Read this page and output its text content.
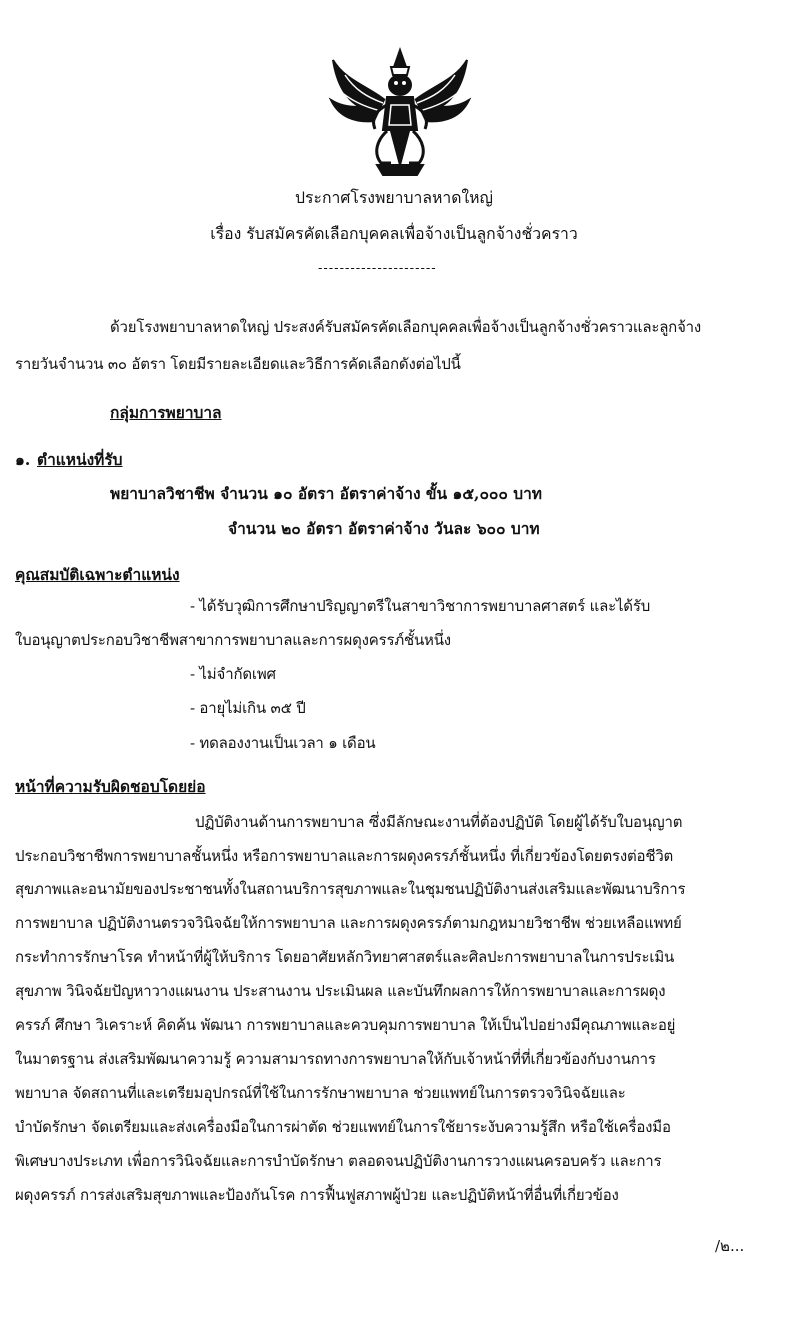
ประกาศโรงพยาบาลหาดใหญ่
เรื่อง รับสมัครคัดเลือกบุคคลเพื่อจ้างเป็นลูกจ้างชั่วคราว
----------------------
ด้วยโรงพยาบาลหาดใหญ่ ประสงค์รับสมัครคัดเลือกบุคคลเพื่อจ้างเป็นลูกจ้างชั่วคราวและลูกจ้าง
รายวันจำนวน ๓๐ อัตรา โดยมีรายละเอียดและวิธีการคัดเลือกดังต่อไปนี้
กลุ่มการพยาบาล
๑. ตำแหน่งที่รับ
พยาบาลวิชาชีพ จำนวน ๑๐ อัตรา อัตราค่าจ้าง ขั้น ๑๕,๐๐๐ บาท
จำนวน ๒๐ อัตรา อัตราค่าจ้าง วันละ ๖๐๐ บาท
คุณสมบัติเฉพาะตำแหน่ง
- ได้รับวุฒิการศึกษาปริญญาตรีในสาขาวิชาการพยาบาลศาสตร์ และได้รับ
ใบอนุญาตประกอบวิชาชีพสาขาการพยาบาลและการผดุงครรภ์ชั้นหนึ่ง
- ไม่จำกัดเพศ
- อายุไม่เกิน ๓๕ ปี
- ทดลองงานเป็นเวลา ๑ เดือน
หน้าที่ความรับผิดชอบโดยย่อ
ปฏิบัติงานด้านการพยาบาล ซึ่งมีลักษณะงานที่ต้องปฏิบัติ โดยผู้ได้รับใบอนุญาต
ประกอบวิชาชีพการพยาบาลชั้นหนึ่ง หรือการพยาบาลและการผดุงครรภ์ชั้นหนึ่ง ที่เกี่ยวข้องโดยตรงต่อชีวิต
สุขภาพและอนามัยของประชาชนทั้งในสถานบริการสุขภาพและในชุมชนปฏิบัติงานส่งเสริมและพัฒนาบริการ
การพยาบาล ปฏิบัติงานตรวจวินิจฉัยให้การพยาบาล และการผดุงครรภ์ตามกฎหมายวิชาชีพ ช่วยเหลือแพทย์
กระทำการรักษาโรค ทำหน้าที่ผู้ให้บริการ โดยอาศัยหลักวิทยาศาสตร์และศิลปะการพยาบาลในการประเมิน
สุขภาพ วินิจฉัยปัญหาวางแผนงาน ประสานงาน ประเมินผล และบันทึกผลการให้การพยาบาลและการผดุง
ครรภ์ ศึกษา วิเคราะห์ คิดค้น พัฒนา การพยาบาลและควบคุมการพยาบาล ให้เป็นไปอย่างมีคุณภาพและอยู่
ในมาตรฐาน ส่งเสริมพัฒนาความรู้ ความสามารถทางการพยาบาลให้กับเจ้าหน้าที่ที่เกี่ยวข้องกับงานการ
พยาบาล จัดสถานที่และเตรียมอุปกรณ์ที่ใช้ในการรักษาพยาบาล ช่วยแพทย์ในการตรวจวินิจฉัยและ
บำบัดรักษา จัดเตรียมและส่งเครื่องมือในการผ่าตัด ช่วยแพทย์ในการใช้ยาระงับความรู้สึก หรือใช้เครื่องมือ
พิเศษบางประเภท เพื่อการวินิจฉัยและการบำบัดรักษา ตลอดจนปฏิบัติงานการวางแผนครอบครัว และการ
ผดุงครรภ์ การส่งเสริมสุขภาพและป้องกันโรค การฟื้นฟูสภาพผู้ป่วย และปฏิบัติหน้าที่อื่นที่เกี่ยวข้อง
/๒...
